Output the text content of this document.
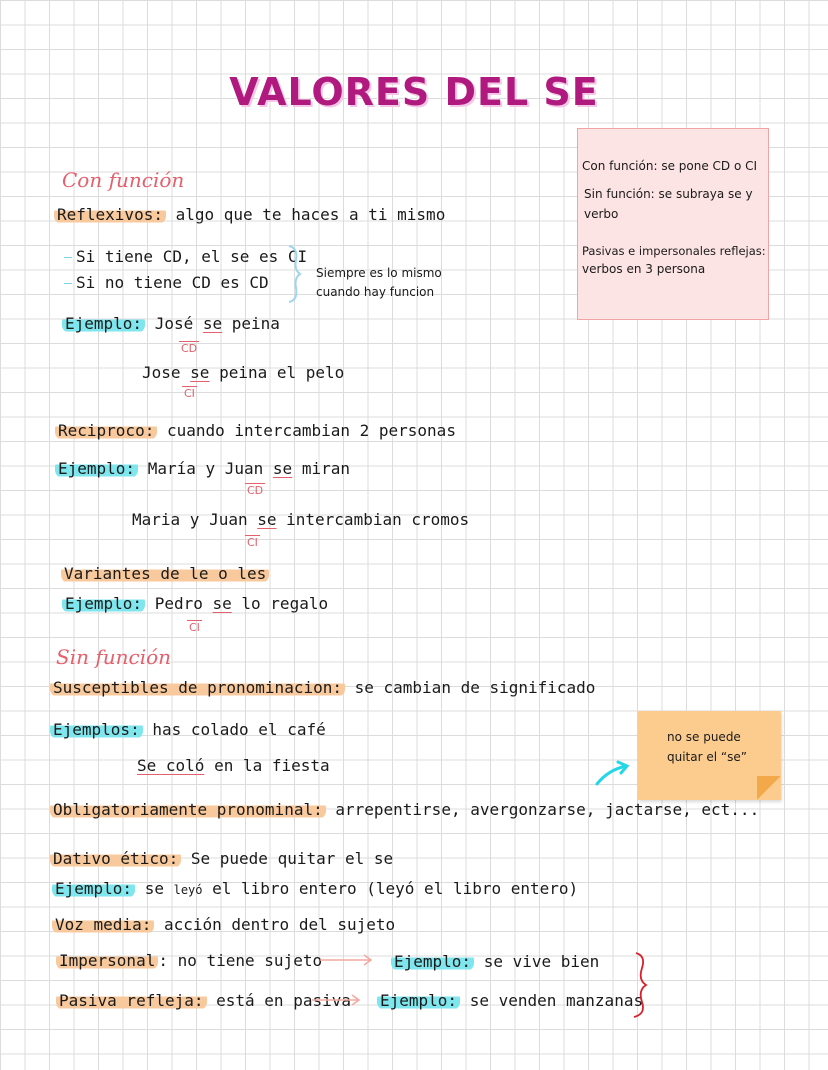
VALORES DEL SE
Con función: se pone CD o CI
Sin función: se subraya se y
verbo
Pasivas e impersonales reflejas:
verbos en 3 persona
no se puede
quitar el “se”
Con función
Reflexivos: algo que te haces a ti mismo
Si tiene CD, el se es CI
Si no tiene CD es CD	Siempre es lo mismo
cuando hay funcion
Ejemplo: José se peina
CD
Jose se peina el pelo
CI
Reciproco: cuando intercambian 2 personas
Ejemplo: María y Juan se miran
CD
Maria y Juan se intercambian cromos
CI
Variantes de le o les
Ejemplo: Pedro se lo regalo
CI
Sin función
Susceptibles de pronominacion: se cambian de significado
Ejemplos: has colado el café
Se coló en la fiesta
Obligatoriamente pronominal: arrepentirse, avergonzarse, jactarse, ect...
Dativo ético: Se puede quitar el se
Ejemplo: se leyó el libro entero (leyó el libro entero)
Voz media: acción dentro del sujeto
Impersonal : no tiene sujeto	Ejemplo: se vive bien
Pasiva refleja: está en pasiva Ejemplo: se venden manzanas
